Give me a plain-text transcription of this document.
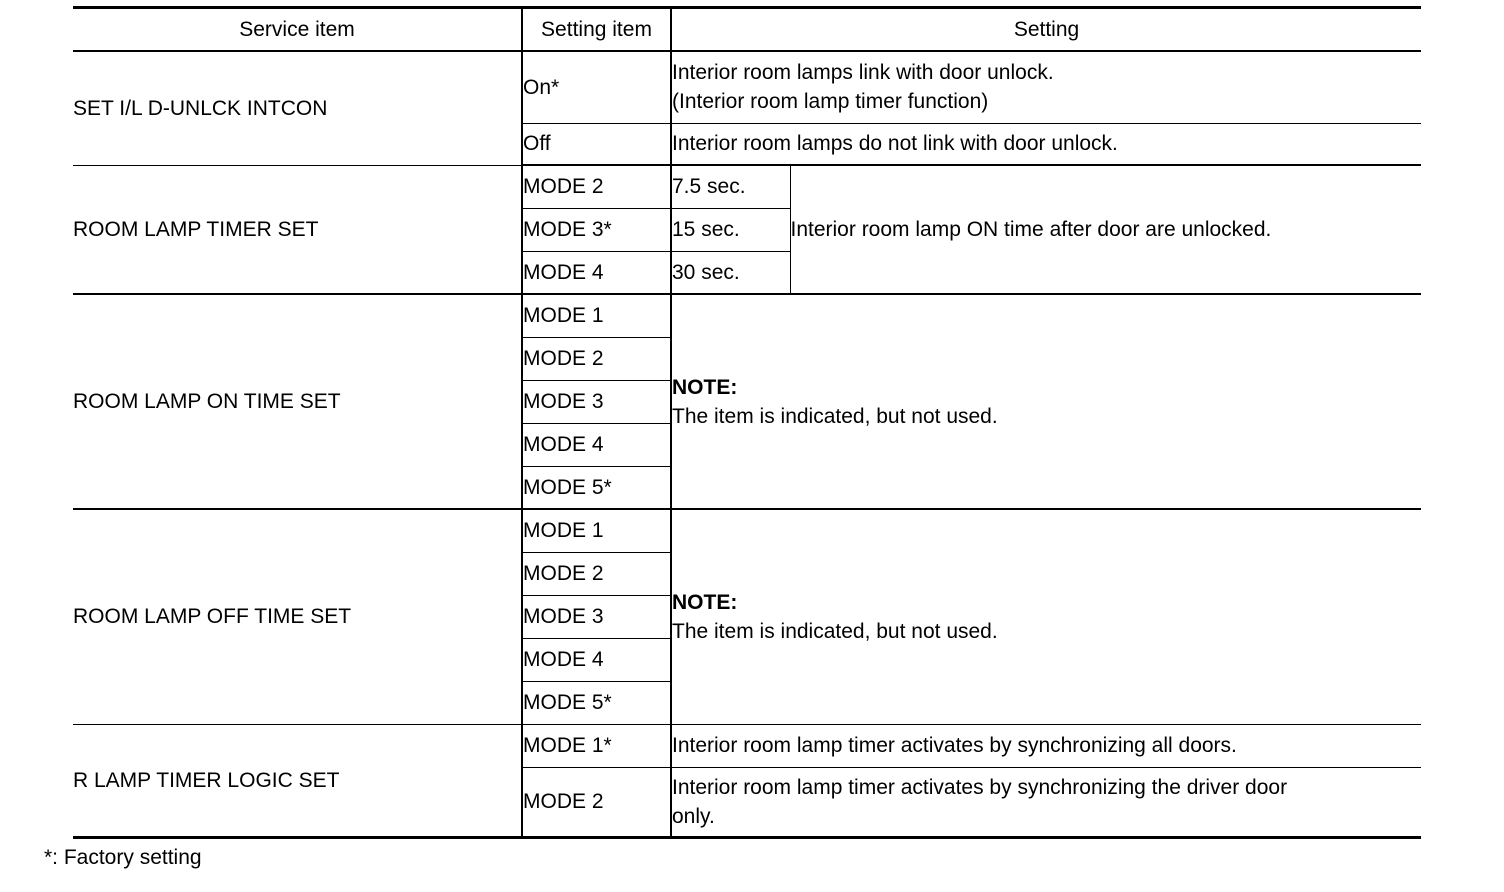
Service item	Setting item	Setting	
SET I/L D-UNLCK INTCON	On*	Interior room lamps link with door unlock.
(Interior room lamp timer function)	

	Off	Interior room lamps do not link with door unlock.	
ROOM LAMP TIMER SET	MODE 2	7.5 sec.	Interior room lamp ON time after door are unlocked.
	MODE 3*	15 sec.	
	MODE 4	30 sec.	
ROOM LAMP ON TIME SET	MODE 1	NOTE:
The item is indicated, but not used.	

	MODE 2		
	MODE 3		
	MODE 4		
	MODE 5*		
ROOM LAMP OFF TIME SET	MODE 1	NOTE:
The item is indicated, but not used.	

	MODE 2		
	MODE 3		
	MODE 4		
	MODE 5*		
R LAMP TIMER LOGIC SET	MODE 1*	Interior room lamp timer activates by synchronizing all doors.	
	MODE 2	Interior room lamp timer activates by synchronizing the driver door
only.	
*: Factory setting
